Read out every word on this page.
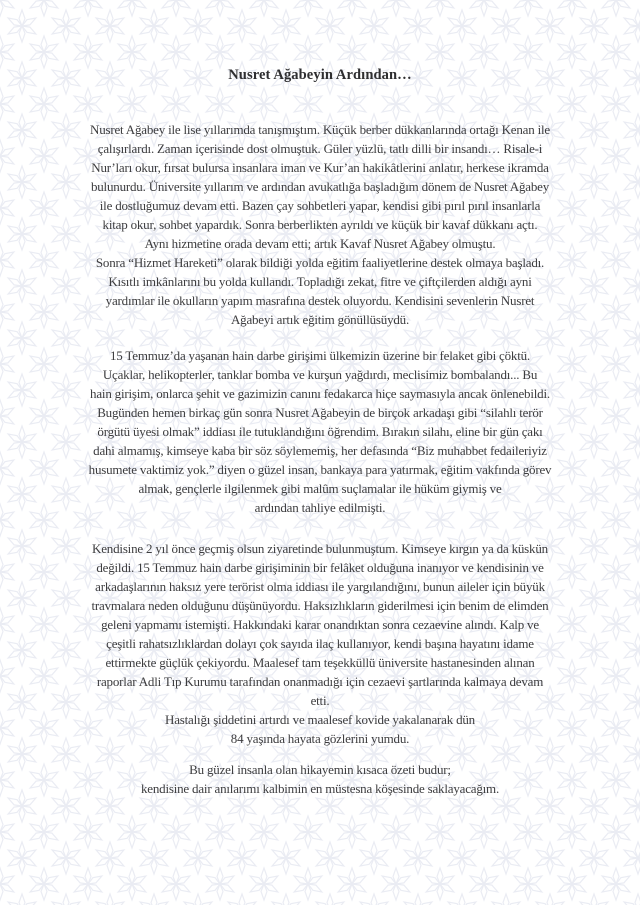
Nusret Ağabeyin Ardından…

Nusret Ağabey ile lise yıllarımda tanışmıştım. Küçük berber dükkanlarında ortağı Kenan ile
çalışırlardı. Zaman içerisinde dost olmuştuk. Güler yüzlü, tatlı dilli bir insandı… Risale-i
Nur’ları okur, fırsat bulursa insanlara iman ve Kur’an hakikâtlerini anlatır, herkese ikramda
bulunurdu. Üniversite yıllarım ve ardından avukatlığa başladığım dönem de Nusret Ağabey
ile dostluğumuz devam etti. Bazen çay sohbetleri yapar, kendisi gibi pırıl pırıl insanlarla
kitap okur, sohbet yapardık. Sonra berberlikten ayrıldı ve küçük bir kavaf dükkanı açtı.
Aynı hizmetine orada devam etti; artık Kavaf Nusret Ağabey olmuştu.
Sonra “Hizmet Hareketi” olarak bildiği yolda eğitim faaliyetlerine destek olmaya başladı.
Kısıtlı imkânlarını bu yolda kullandı. Topladığı zekat, fitre ve çiftçilerden aldığı ayni
yardımlar ile okulların yapım masrafına destek oluyordu. Kendisini sevenlerin Nusret
Ağabeyi artık eğitim gönüllüsüydü.

15 Temmuz’da yaşanan hain darbe girişimi ülkemizin üzerine bir felaket gibi çöktü.
Uçaklar, helikopterler, tanklar bomba ve kurşun yağdırdı, meclisimiz bombalandı... Bu
hain girişim, onlarca şehit ve gazimizin canını fedakarca hiçe saymasıyla ancak önlenebildi.
Bugünden hemen birkaç gün sonra Nusret Ağabeyin de birçok arkadaşı gibi “silahlı terör
örgütü üyesi olmak” iddiası ile tutuklandığını öğrendim. Bırakın silahı, eline bir gün çakı
dahi almamış, kimseye kaba bir söz söylememiş, her defasında “Biz muhabbet fedaileriyiz
husumete vaktimiz yok.” diyen o güzel insan, bankaya para yatırmak, eğitim vakfında görev
almak, gençlerle ilgilenmek gibi malûm suçlamalar ile hüküm giymiş ve
ardından tahliye edilmişti.

Kendisine 2 yıl önce geçmiş olsun ziyaretinde bulunmuştum. Kimseye kırgın ya da küskün
değildi. 15 Temmuz hain darbe girişiminin bir felâket olduğuna inanıyor ve kendisinin ve
arkadaşlarının haksız yere terörist olma iddiası ile yargılandığını, bunun aileler için büyük
travmalara neden olduğunu düşünüyordu. Haksızlıkların giderilmesi için benim de elimden
geleni yapmamı istemişti. Hakkındaki karar onandıktan sonra cezaevine alındı. Kalp ve
çeşitli rahatsızlıklardan dolayı çok sayıda ilaç kullanıyor, kendi başına hayatını idame
ettirmekte güçlük çekiyordu. Maalesef tam teşekküllü üniversite hastanesinden alınan
raporlar Adli Tıp Kurumu tarafından onanmadığı için cezaevi şartlarında kalmaya devam
etti.
Hastalığı şiddetini artırdı ve maalesef kovide yakalanarak dün
84 yaşında hayata gözlerini yumdu.

Bu güzel insanla olan hikayemin kısaca özeti budur;
kendisine dair anılarımı kalbimin en müstesna köşesinde saklayacağım.
